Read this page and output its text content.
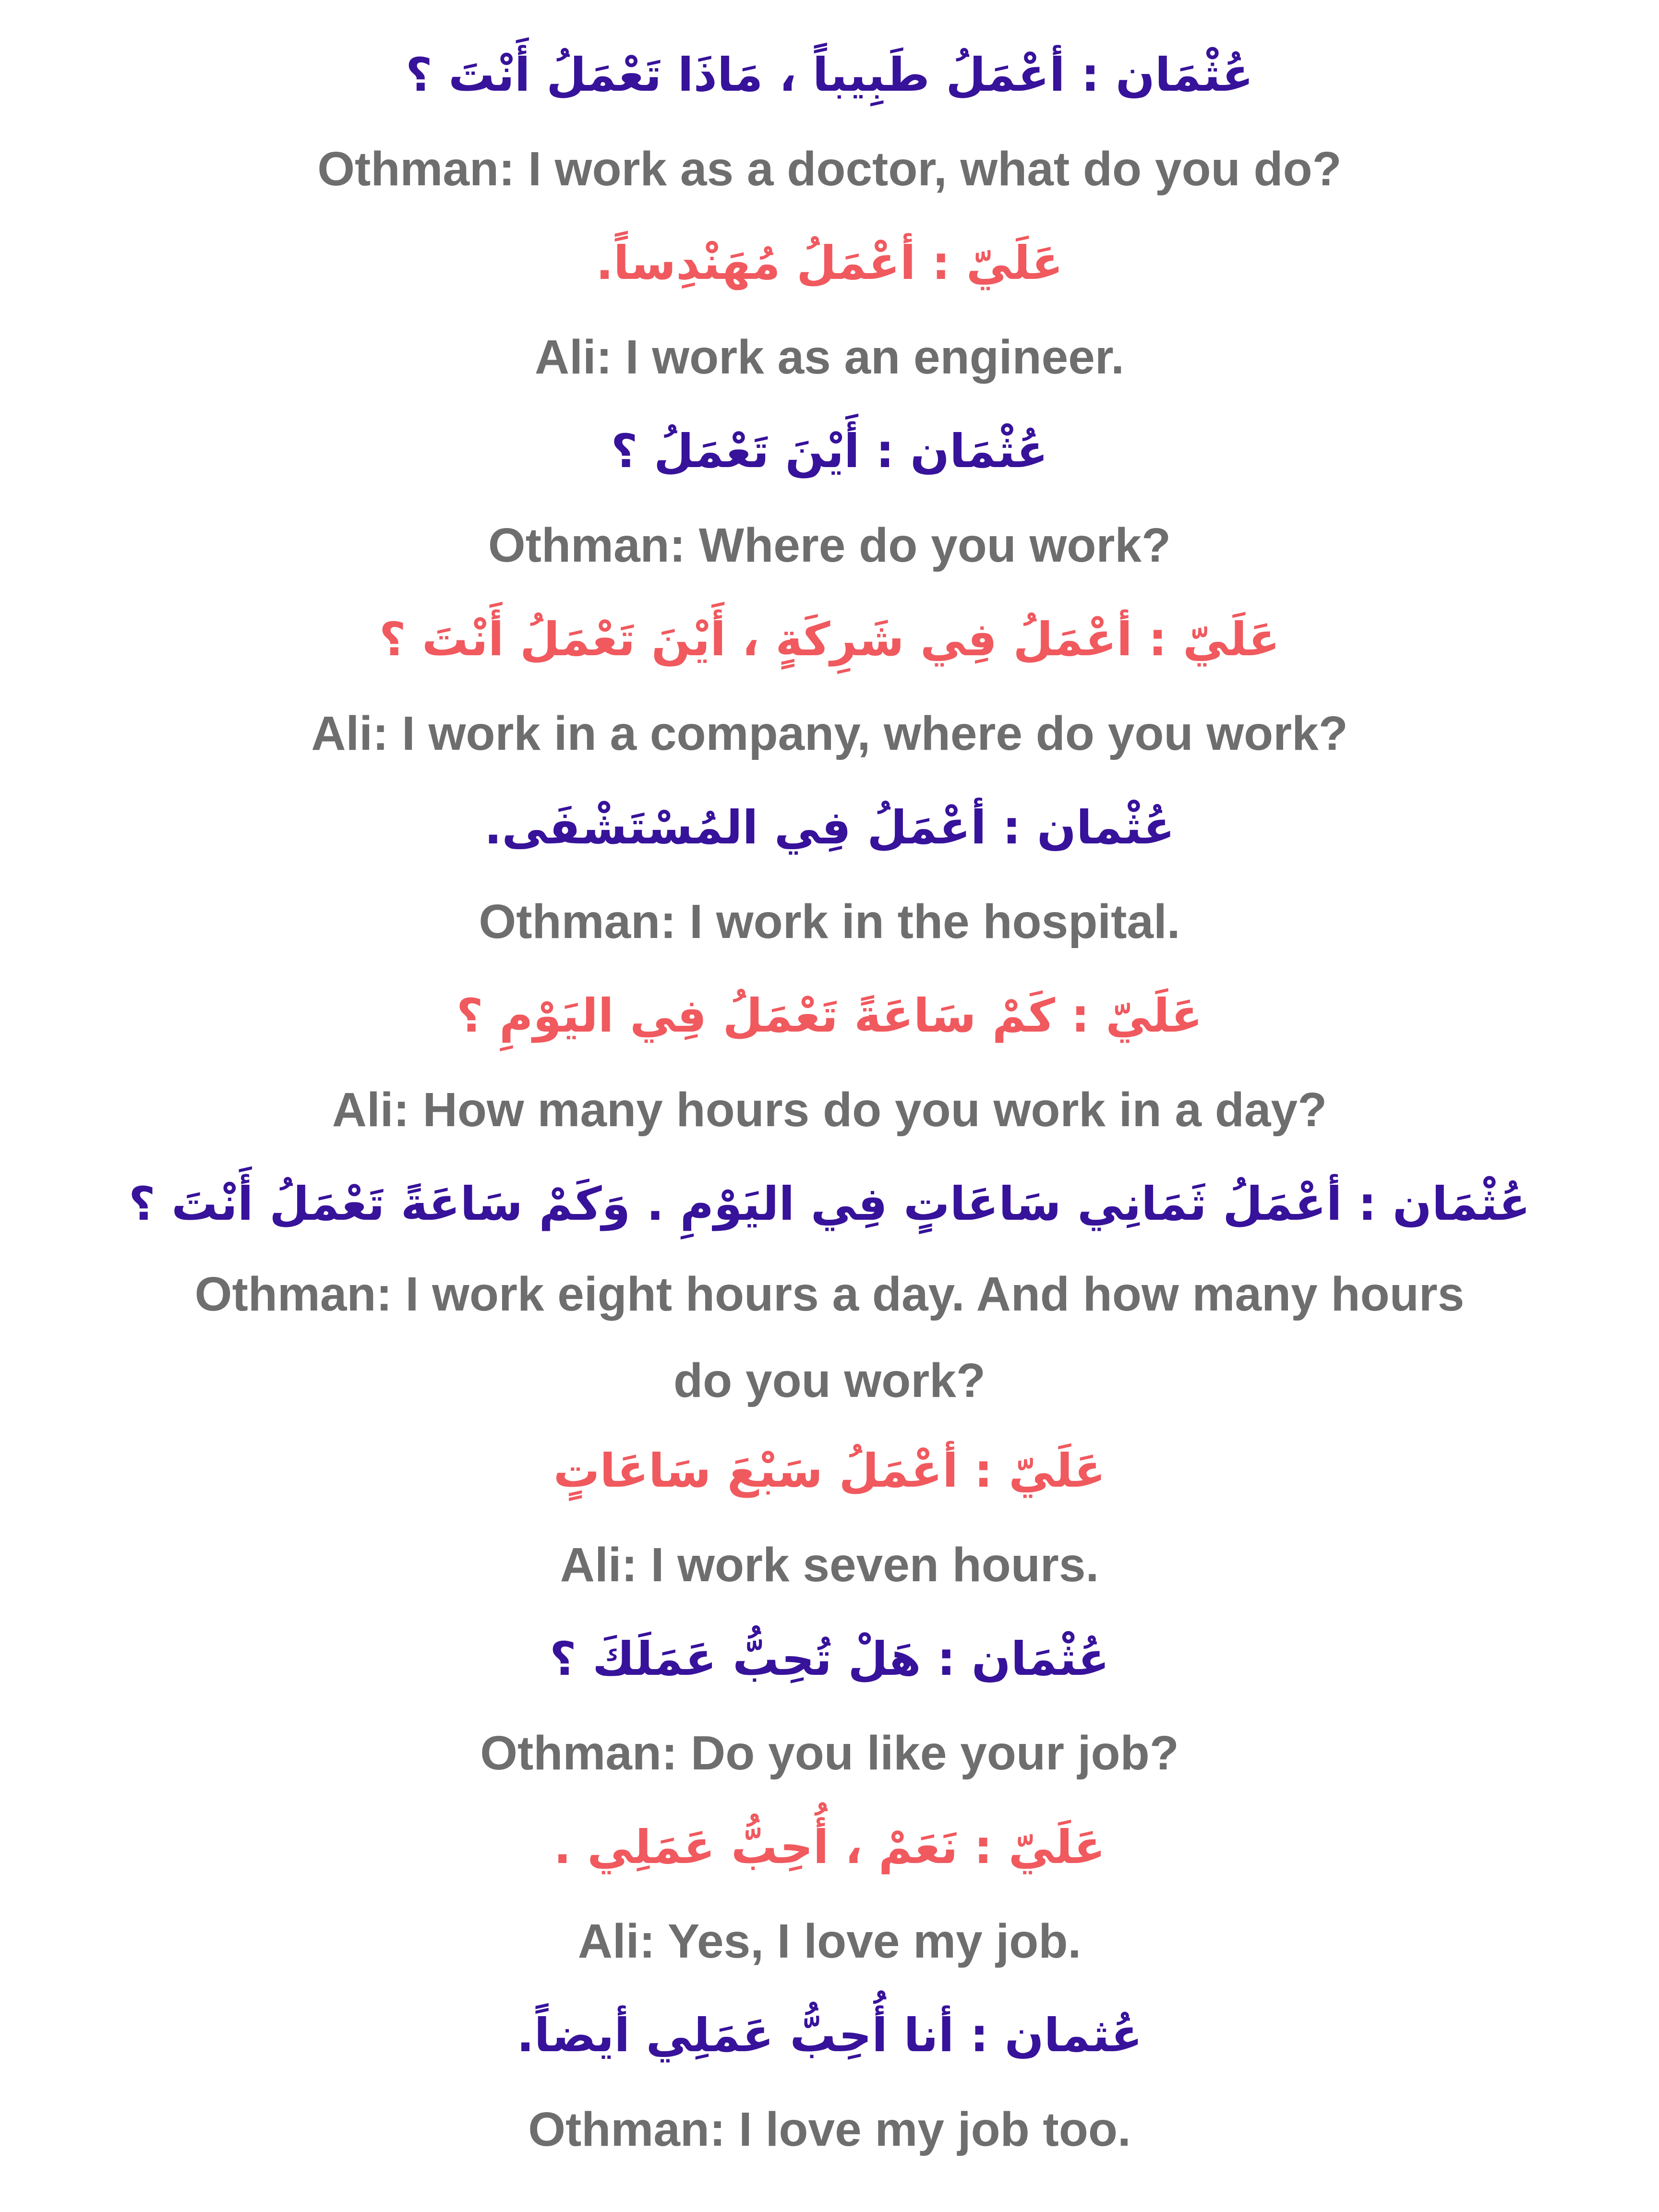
عُثْمَان : أعْمَلُ طَبِيباً ، مَاذَا تَعْمَلُ أَنْتَ ؟

Othman: I work as a doctor, what do you do?

عَلَيّ : أعْمَلُ مُهَنْدِساً.

Ali: I work as an engineer.

عُثْمَان : أَيْنَ تَعْمَلُ ؟

Othman: Where do you work?

عَلَيّ : أعْمَلُ فِي شَرِكَةٍ ، أَيْنَ تَعْمَلُ أَنْتَ ؟

Ali: I work in a company, where do you work?

عُثْمان : أعْمَلُ فِي المُسْتَشْفَى.

Othman: I work in the hospital.

عَلَيّ : كَمْ سَاعَةً تَعْمَلُ فِي اليَوْمِ ؟

Ali: How many hours do you work in a day?

عُثْمَان : أعْمَلُ ثَمَانِي سَاعَاتٍ فِي اليَوْمِ . وَكَمْ سَاعَةً تَعْمَلُ أَنْتَ ؟

Othman: I work eight hours a day. And how many hours do you work?

عَلَيّ : أعْمَلُ سَبْعَ سَاعَاتٍ

Ali: I work seven hours.

عُثْمَان : هَلْ تُحِبُّ عَمَلَكَ ؟

Othman: Do you like your job?

عَلَيّ : نَعَمْ ، أُحِبُّ عَمَلِي .

Ali: Yes, I love my job.

عُثمان : أنا أُحِبُّ عَمَلِي أيضاً.

Othman: I love my job too.
